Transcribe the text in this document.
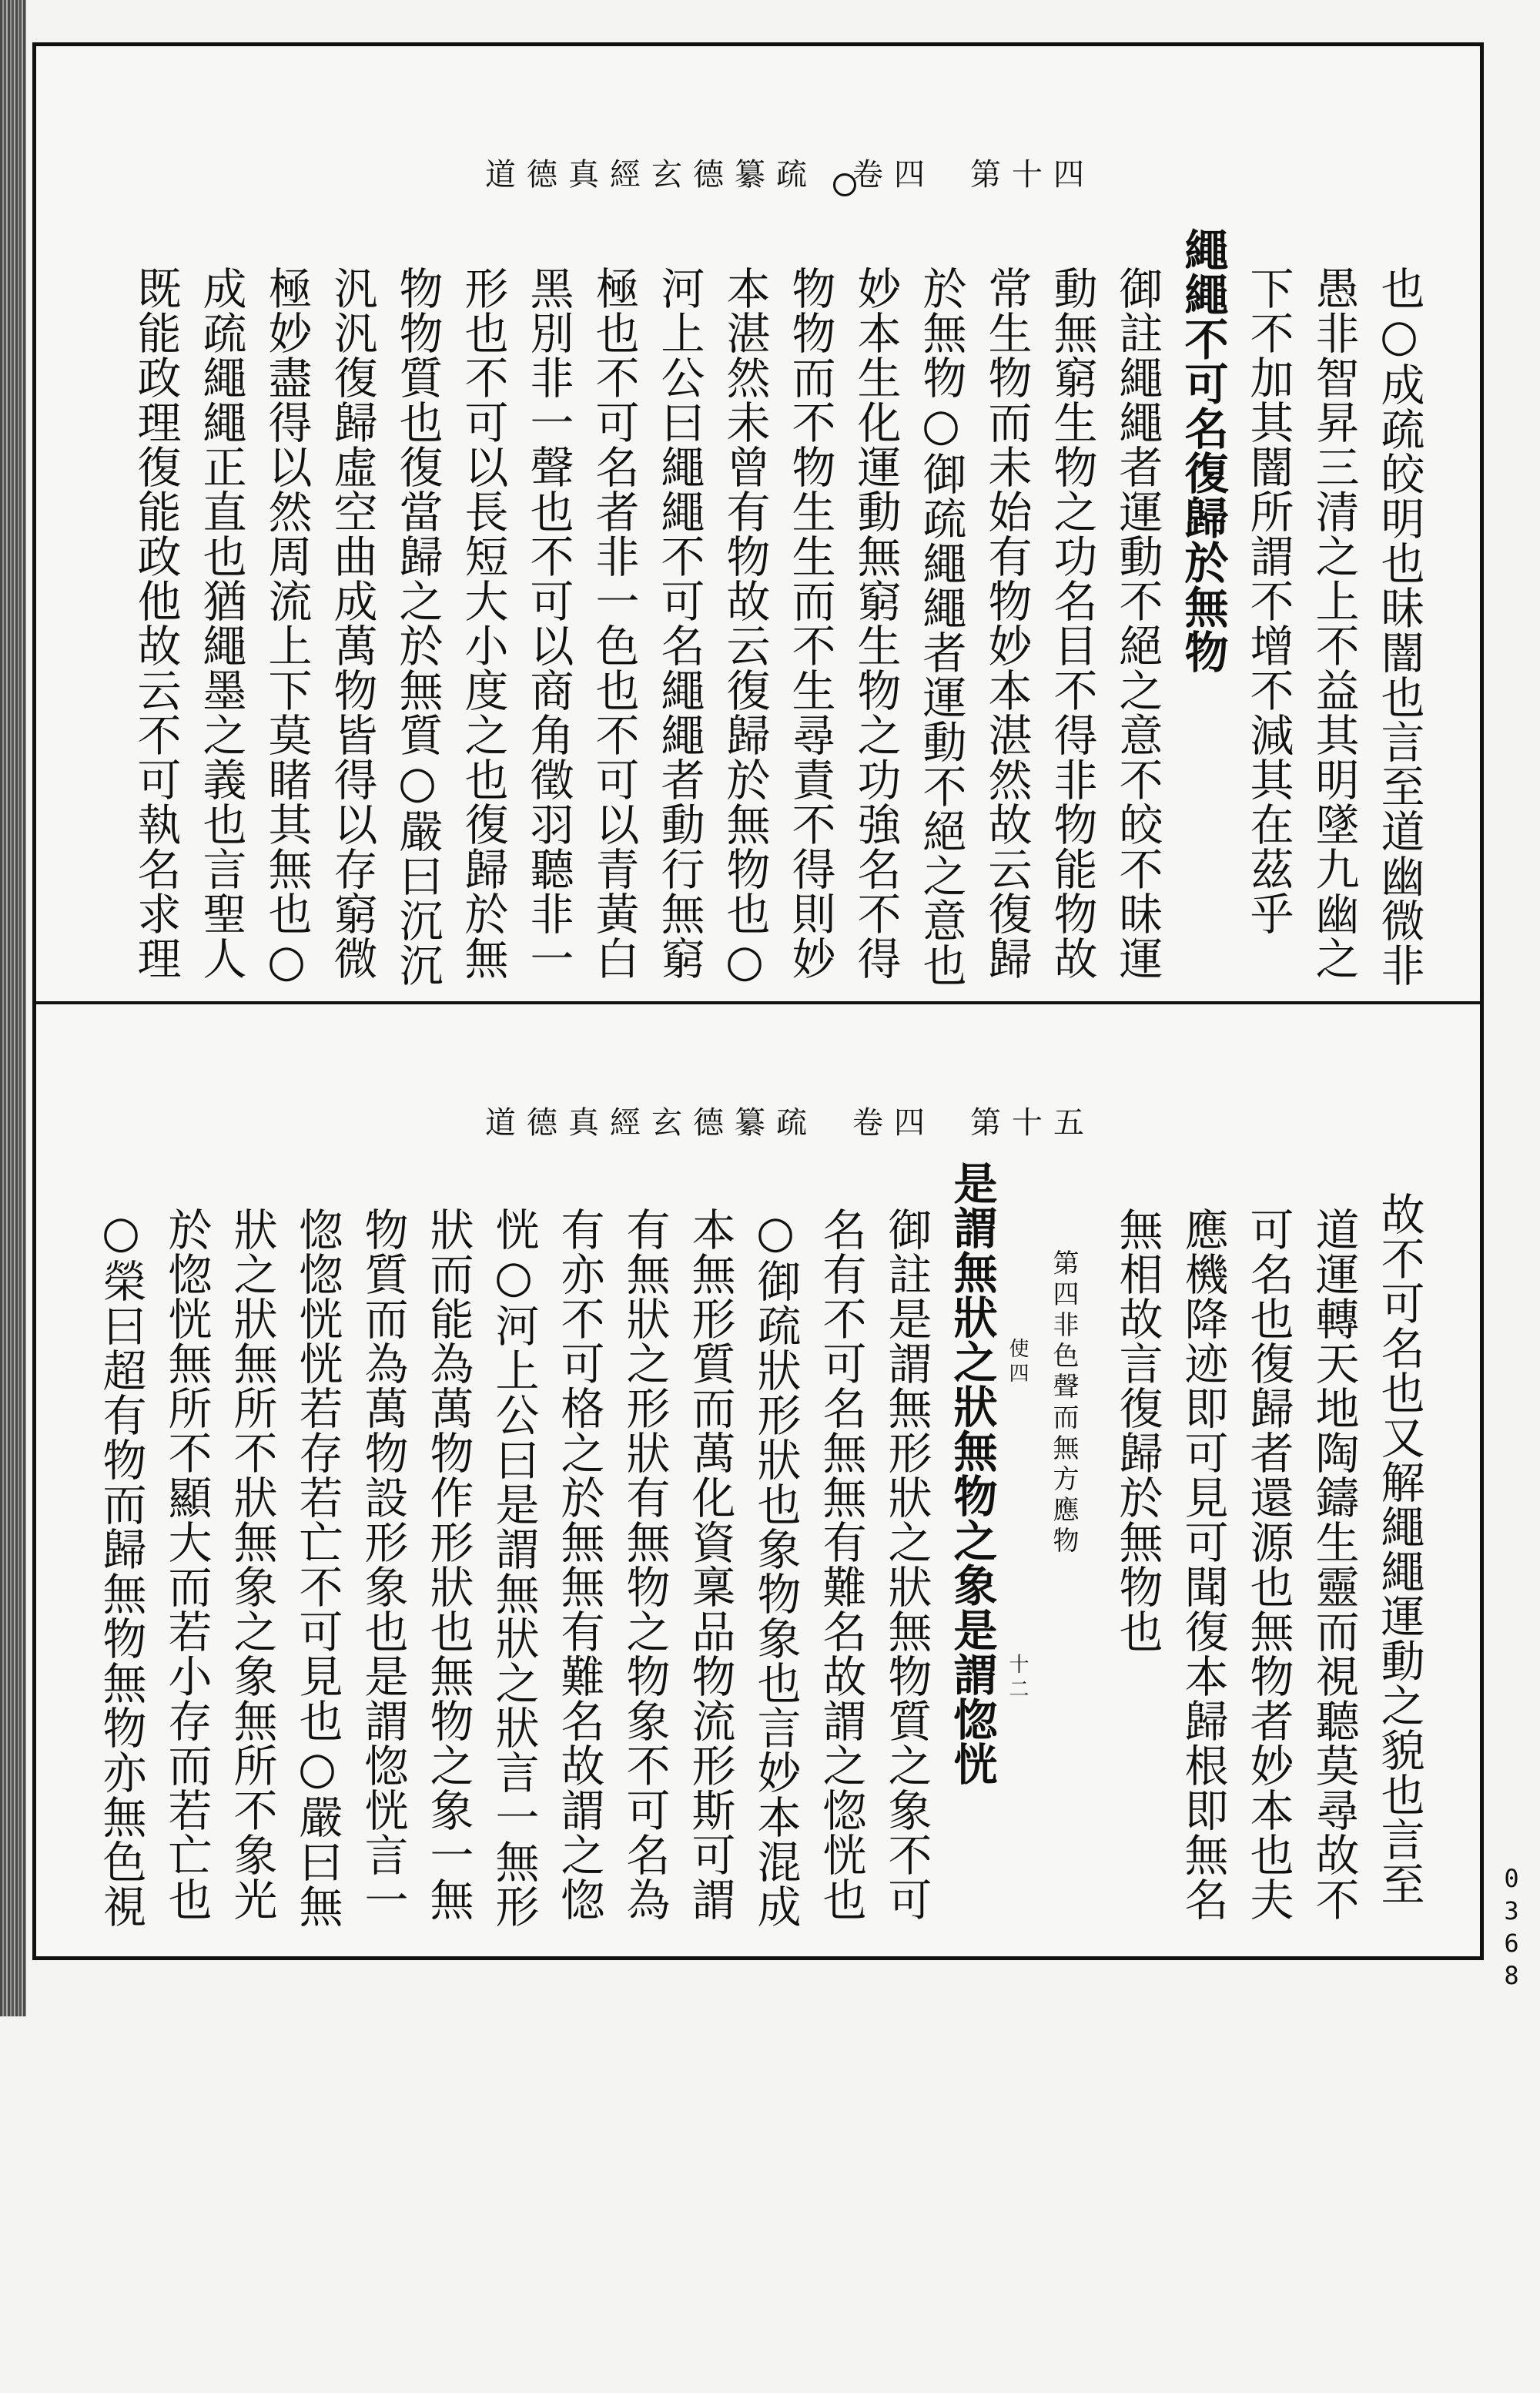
道德真經玄德纂疏 卷四 第十四
也○成疏皎明也昧闇也言至道幽微非
愚非智昇三清之上不益其明墜九幽之
下不加其闇所謂不增不減其在茲乎
繩繩不可名復歸於無物
御註繩繩者運動不絕之意不皎不昧運
動無窮生物之功名目不得非物能物故
常生物而未始有物妙本湛然故云復歸
於無物○御疏繩繩者運動不絕之意也
妙本生化運動無窮生物之功強名不得
物物而不物生生而不生尋責不得則妙
本湛然未曾有物故云復歸於無物也○
河上公曰繩繩不可名繩繩者動行無窮
極也不可名者非一色也不可以青黃白
黑別非一聲也不可以商角徵羽聽非一
形也不可以長短大小度之也復歸於無
物物質也復當歸之於無質○嚴曰沉沉
汎汎復歸虛空曲成萬物皆得以存窮微
極妙盡得以然周流上下莫睹其無也○
成疏繩繩正直也猶繩墨之義也言聖人
既能政理復能政他故云不可執名求理
道德真經玄德纂疏 卷四 第十五
故不可名也又解繩繩運動之貌也言至
道運轉天地陶鑄生靈而視聽莫尋故不
可名也復歸者還源也無物者妙本也夫
應機降迹即可見可聞復本歸根即無名
無相故言復歸於無物也
第四非色聲而無方應物
使四
十二
是謂無狀之狀無物之象是謂惚恍
御註是謂無形狀之狀無物質之象不可
名有不可名無無有難名故謂之惚恍也
○御疏狀形狀也象物象也言妙本混成
本無形質而萬化資稟品物流形斯可謂
有無狀之形狀有無物之物象不可名為
有亦不可格之於無無有難名故謂之惚
恍○河上公曰是謂無狀之狀言一無形
狀而能為萬物作形狀也無物之象一無
物質而為萬物設形象也是謂惚恍言一
惚惚恍恍若存若亡不可見也○嚴曰無
狀之狀無所不狀無象之象無所不象光
於惚恍無所不顯大而若小存而若亡也
○榮曰超有物而歸無物無物亦無色視	0368
